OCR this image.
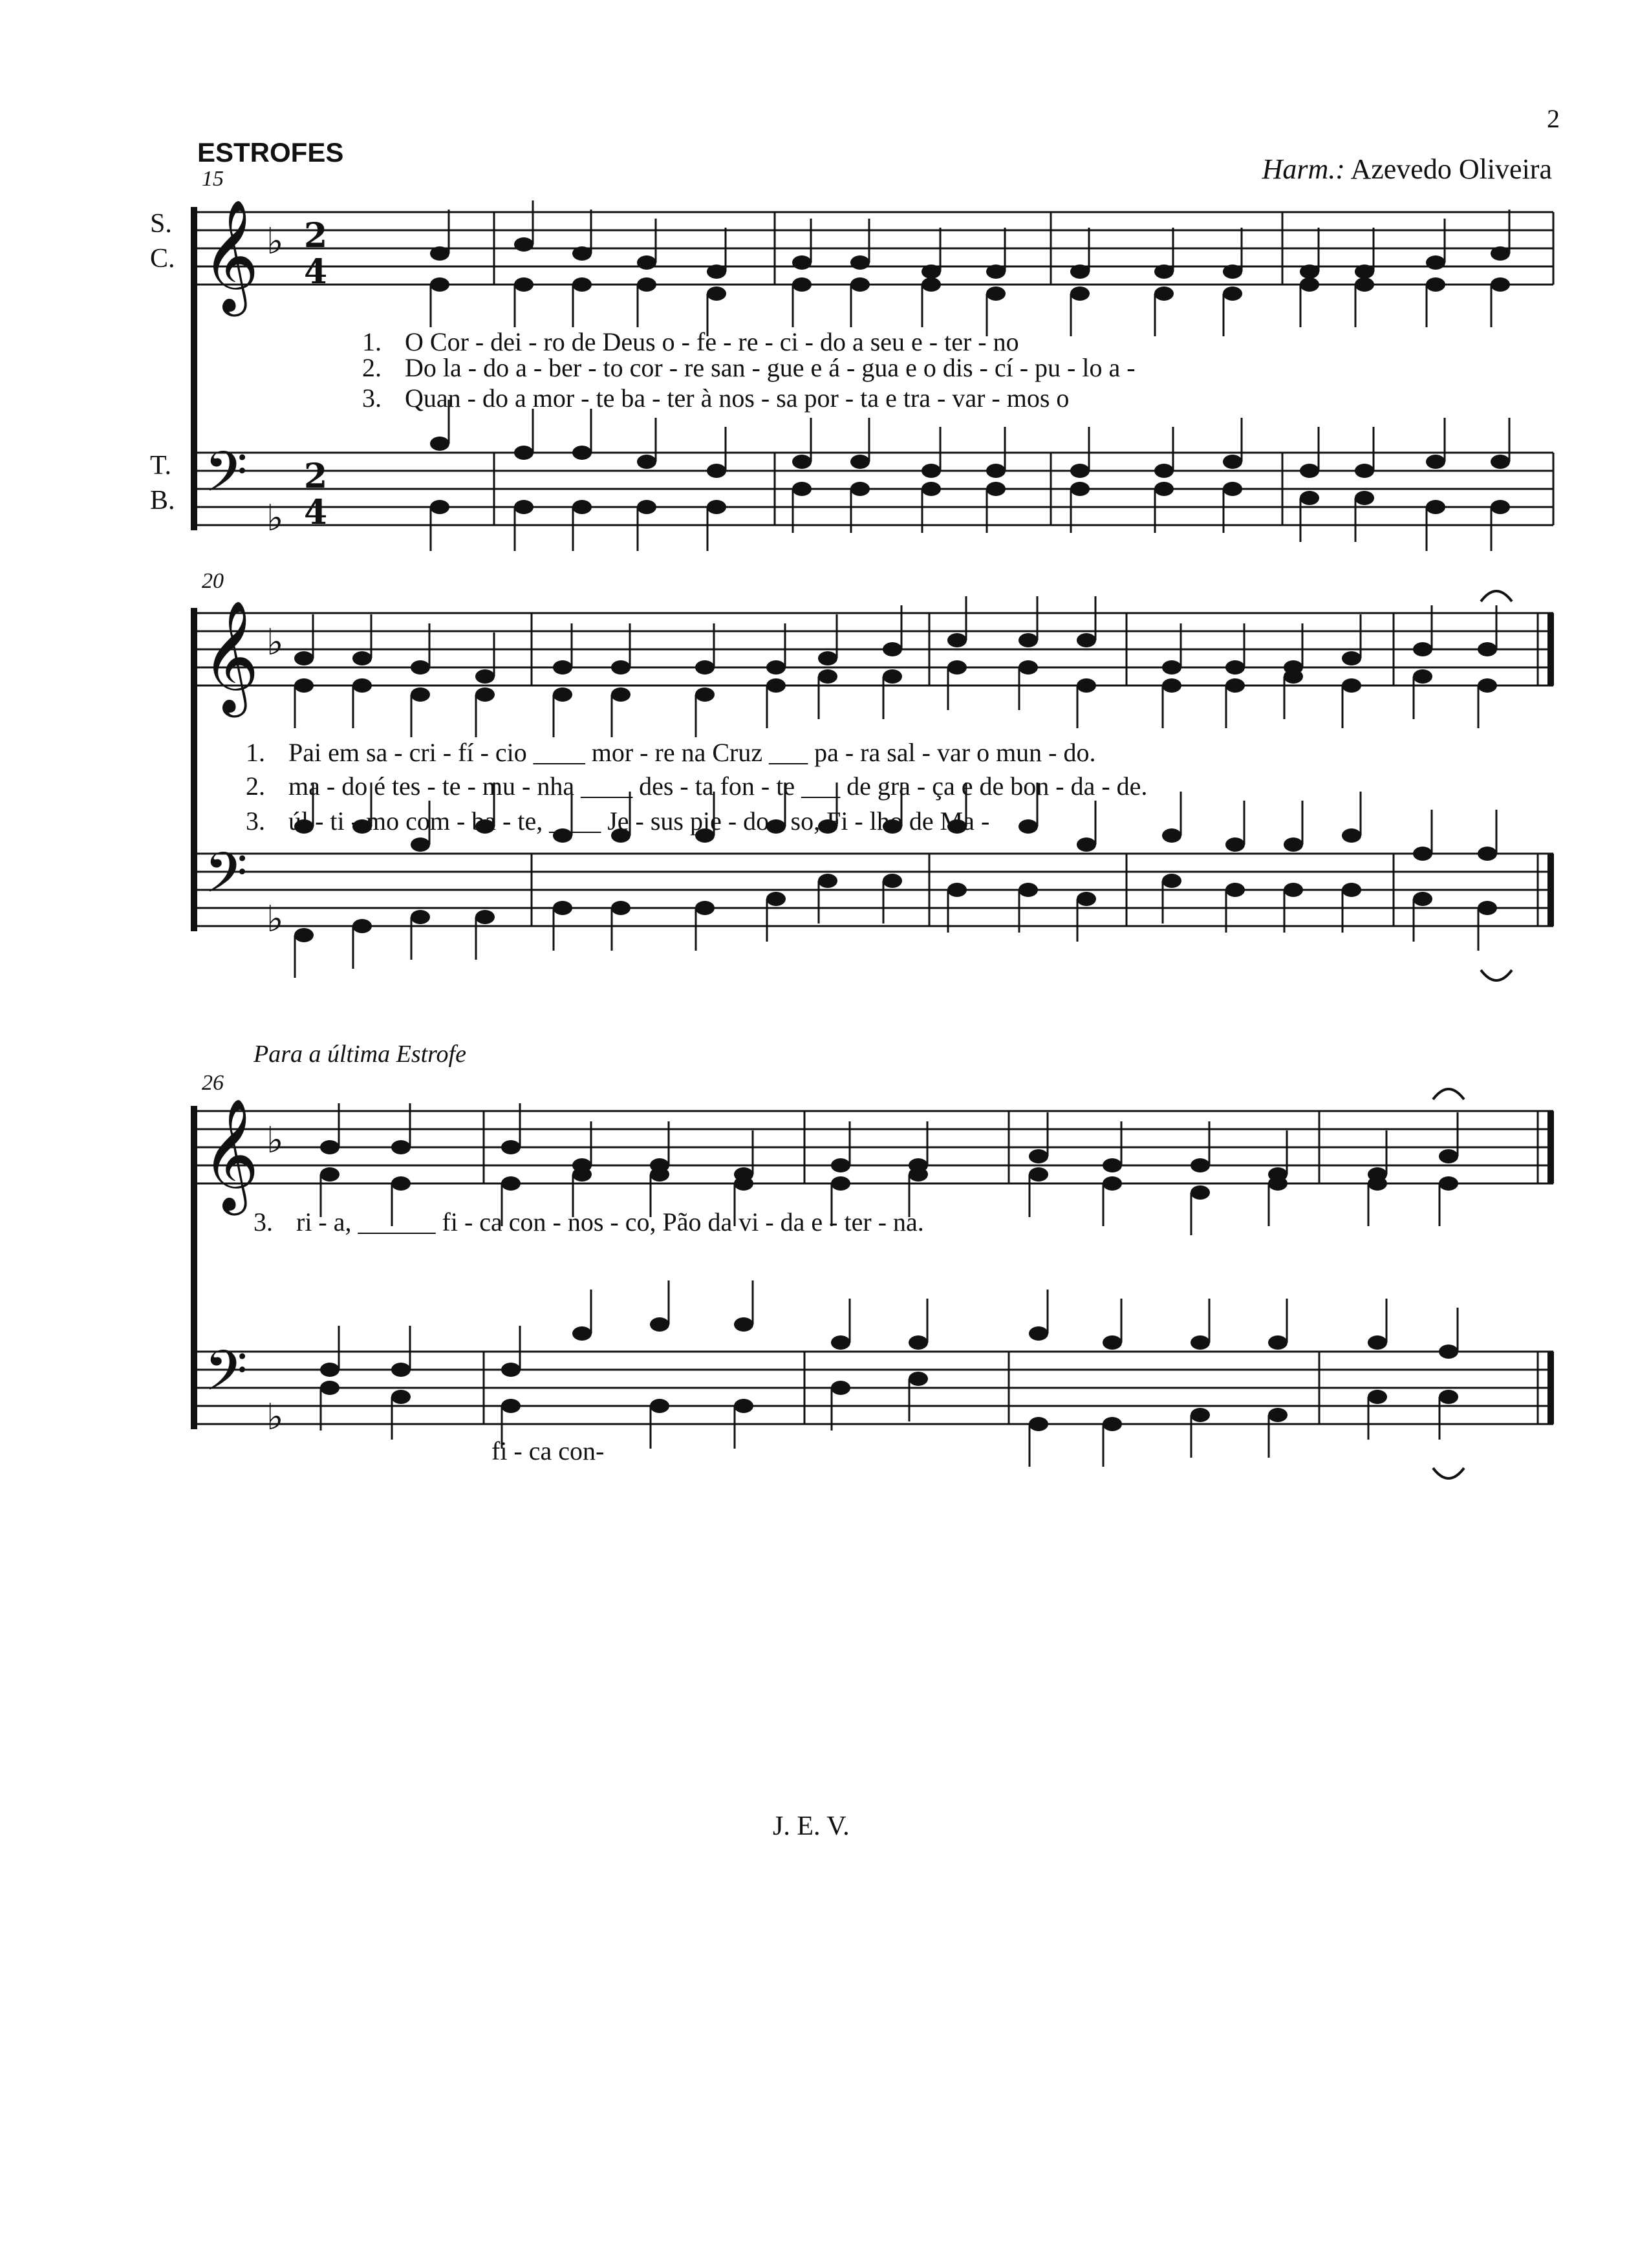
2
ESTROFES
Harm.: Azevedo Oliveira
15
S.
C.
T.
B.
𝄞
𝄢
♭
♭
2
4
2
4
1. O Cor - dei - ro de Deus o - fe - re - ci - do a seu e - ter - no
2. Do la - do a - ber - to cor - re san - gue e á - gua e o dis - cí - pu - lo a -
3. Quan - do a mor - te ba - ter à nos - sa por - ta e tra - var - mos o
20
𝄞
𝄢
♭
♭
1. Pai em sa - cri - fí - cio ____ mor - re na Cruz ___ pa - ra sal - var o mun - do.
2. ma - do é tes - te - mu - nha ____ des - ta fon - te ___ de gra - ça e de bon - da - de.
3. úl - ti - mo com - ba - te, ____ Je - sus pie - do - so, Fi - lho de Ma -
Para a última Estrofe
26
𝄞
𝄢
♭
♭
3. ri - a, ______ fi - ca con - nos - co, Pão da vi - da e - ter - na.
fi - ca con-
J. E. V.
